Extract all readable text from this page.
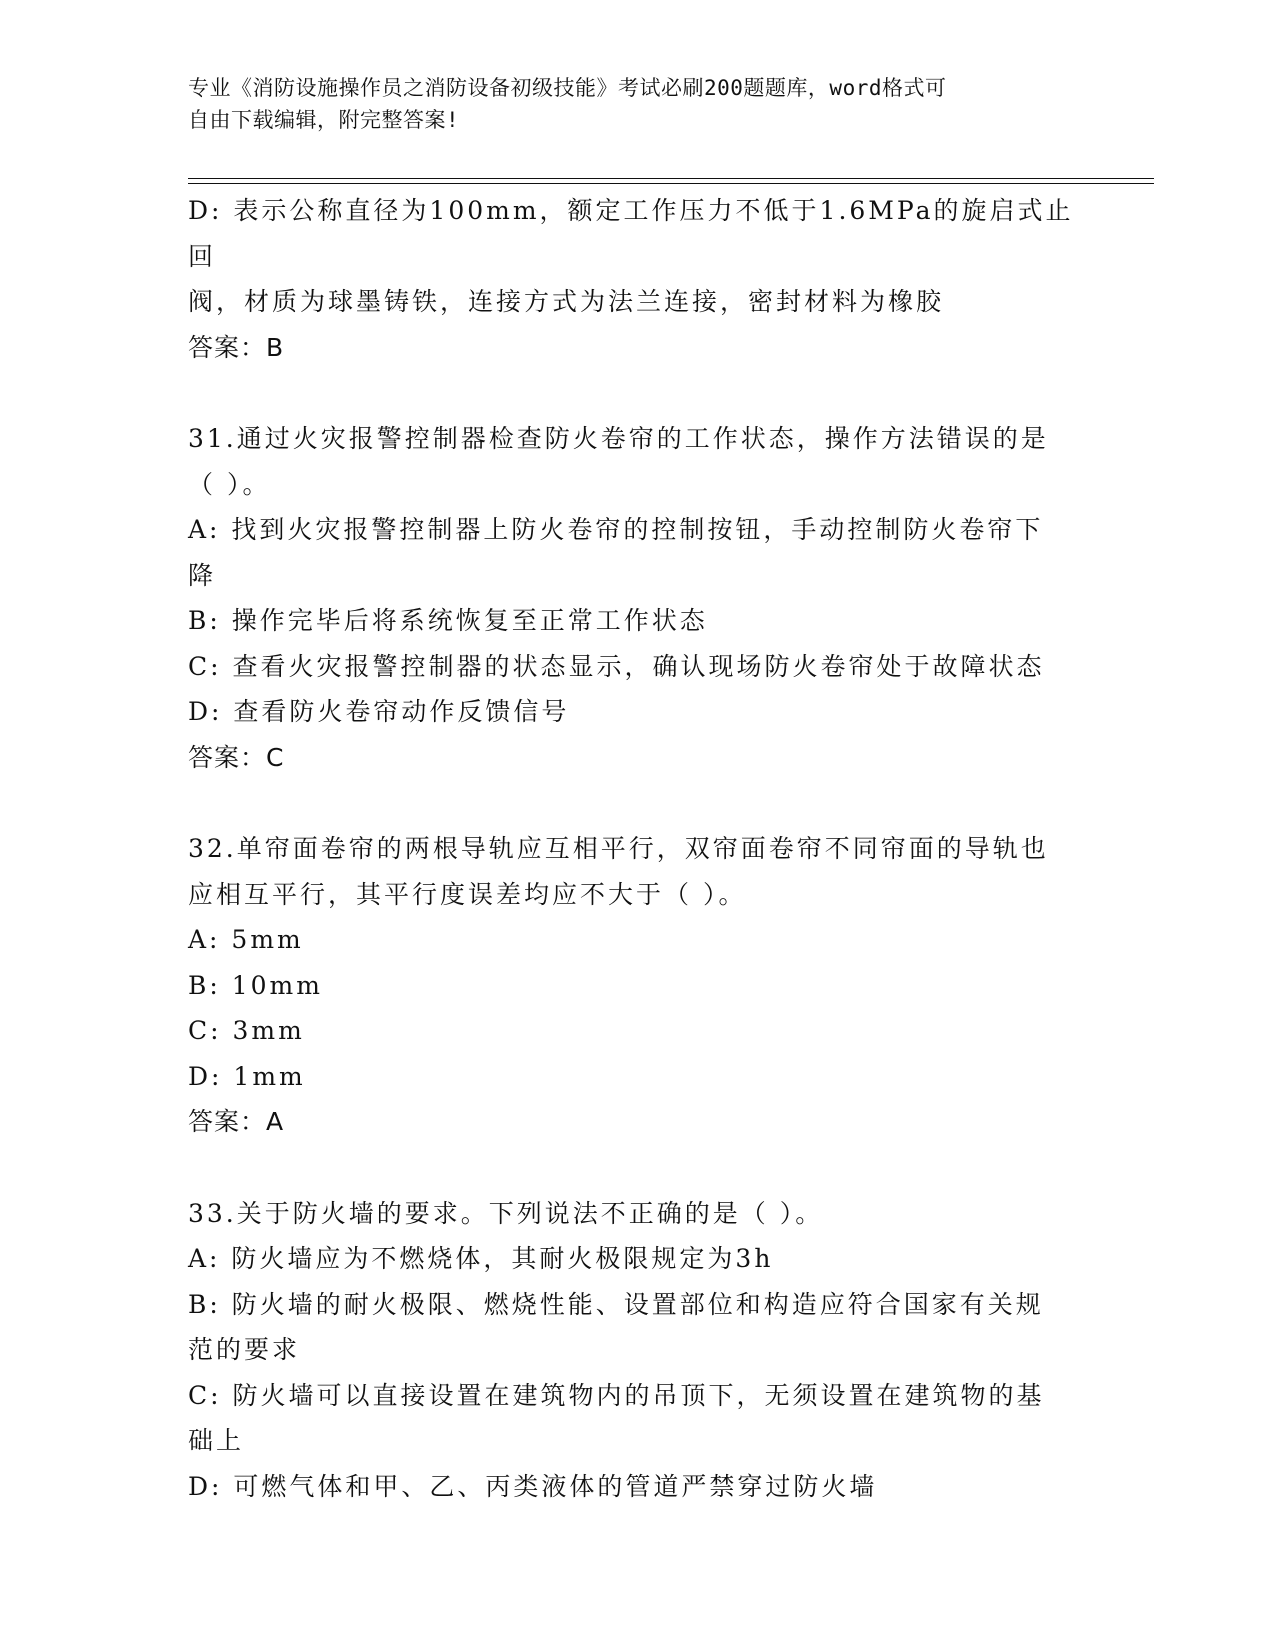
专业《消防设施操作员之消防设备初级技能》考试必刷200题题库，word格式可
自由下载编辑，附完整答案!

D: 表示公称直径为100mm，额定工作压力不低于1.6MPa的旋启式止回

阀，材质为球墨铸铁，连接方式为法兰连接，密封材料为橡胶

答案：B

31.通过火灾报警控制器检查防火卷帘的工作状态，操作方法错误的是

（ ）。

A: 找到火灾报警控制器上防火卷帘的控制按钮，手动控制防火卷帘下

降

B: 操作完毕后将系统恢复至正常工作状态

C: 查看火灾报警控制器的状态显示，确认现场防火卷帘处于故障状态

D: 查看防火卷帘动作反馈信号

答案：C

32.单帘面卷帘的两根导轨应互相平行，双帘面卷帘不同帘面的导轨也

应相互平行，其平行度误差均应不大于（ ）。

A: 5mm

B: 10mm

C: 3mm

D: 1mm

答案：A

33.关于防火墙的要求。下列说法不正确的是（ ）。

A: 防火墙应为不燃烧体，其耐火极限规定为3h

B: 防火墙的耐火极限、燃烧性能、设置部位和构造应符合国家有关规

范的要求

C: 防火墙可以直接设置在建筑物内的吊顶下，无须设置在建筑物的基

础上

D: 可燃气体和甲、乙、丙类液体的管道严禁穿过防火墙
